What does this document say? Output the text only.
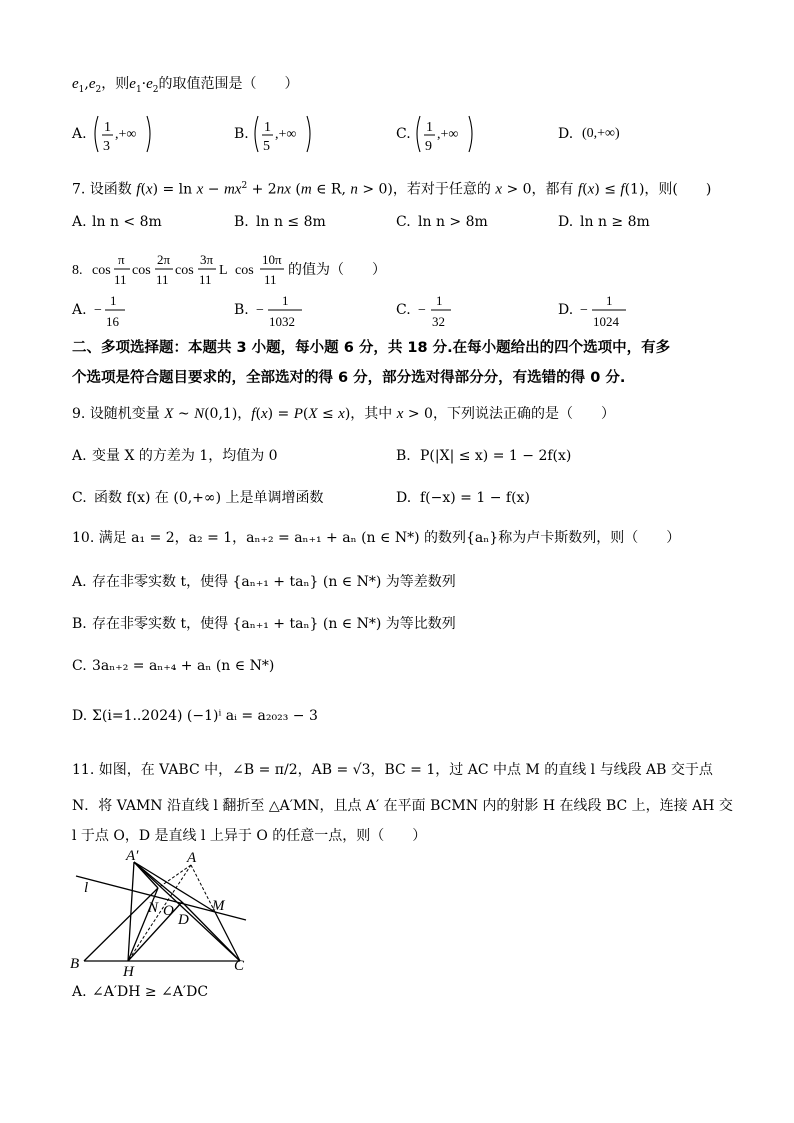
$e_1,e_2$，则$e_1\cdot e_2$的取值范围是（　　）
A. 1
3
,+∞	B. 1
5
,+∞	C. 1
9
,+∞	D. (0,+∞)
7. 设函数 $f(x) = \ln x - mx^2 + 2nx$ (m ∈ R, n > 0)，若对于任意的 x > 0，都有 f(x) ≤ f(1)，则(　　)
A. ln n < 8m	B. ln n ≤ 8m	C. ln n > 8m	D. ln n ≥ 8m
8. cos
π
11
cos
2π
11
cos
3π
11
L cos
10π
11
的值为（　　）
A. −
1
16
B. −
1
1032
C. −
1
32
D. −
1
1024
二、多项选择题：本题共 3 小题，每小题 6 分，共 18 分.在每小题给出的四个选项中，有多
个选项是符合题目要求的，全部选对的得 6 分，部分选对得部分分，有选错的得 0 分.
9. 设随机变量 X ~ N(0,1)，f(x) = P(X ≤ x)，其中 x > 0，下列说法正确的是（　　）
A. 变量 X 的方差为 1，均值为 0	B. P(|X| ≤ x) = 1 − 2f(x)
C. 函数 f(x) 在 (0,+∞) 上是单调增函数	D. f(−x) = 1 − f(x)
10. 满足 a₁ = 2，a₂ = 1，aₙ₊₂ = aₙ₊₁ + aₙ (n ∈ N*) 的数列{aₙ}称为卢卡斯数列，则（　　）
A. 存在非零实数 t，使得 {aₙ₊₁ + taₙ} (n ∈ N*) 为等差数列
B. 存在非零实数 t，使得 {aₙ₊₁ + taₙ} (n ∈ N*) 为等比数列
C. 3aₙ₊₂ = aₙ₊₄ + aₙ (n ∈ N*)
D. Σ(i=1..2024) (−1)ⁱ aᵢ = a₂₀₂₃ − 3
11. 如图，在 VABC 中，∠B = π/2，AB = √3，BC = 1，过 AC 中点 M 的直线 l 与线段 AB 交于点
N．将 VAMN 沿直线 l 翻折至 △A′MN，且点 A′ 在平面 BCMN 内的射影 H 在线段 BC 上，连接 AH 交
l 于点 O，D 是直线 l 上异于 O 的任意一点，则（　　）
A′	A
l
N O
D
M
B	H	C
A. ∠A′DH ≥ ∠A′DC
